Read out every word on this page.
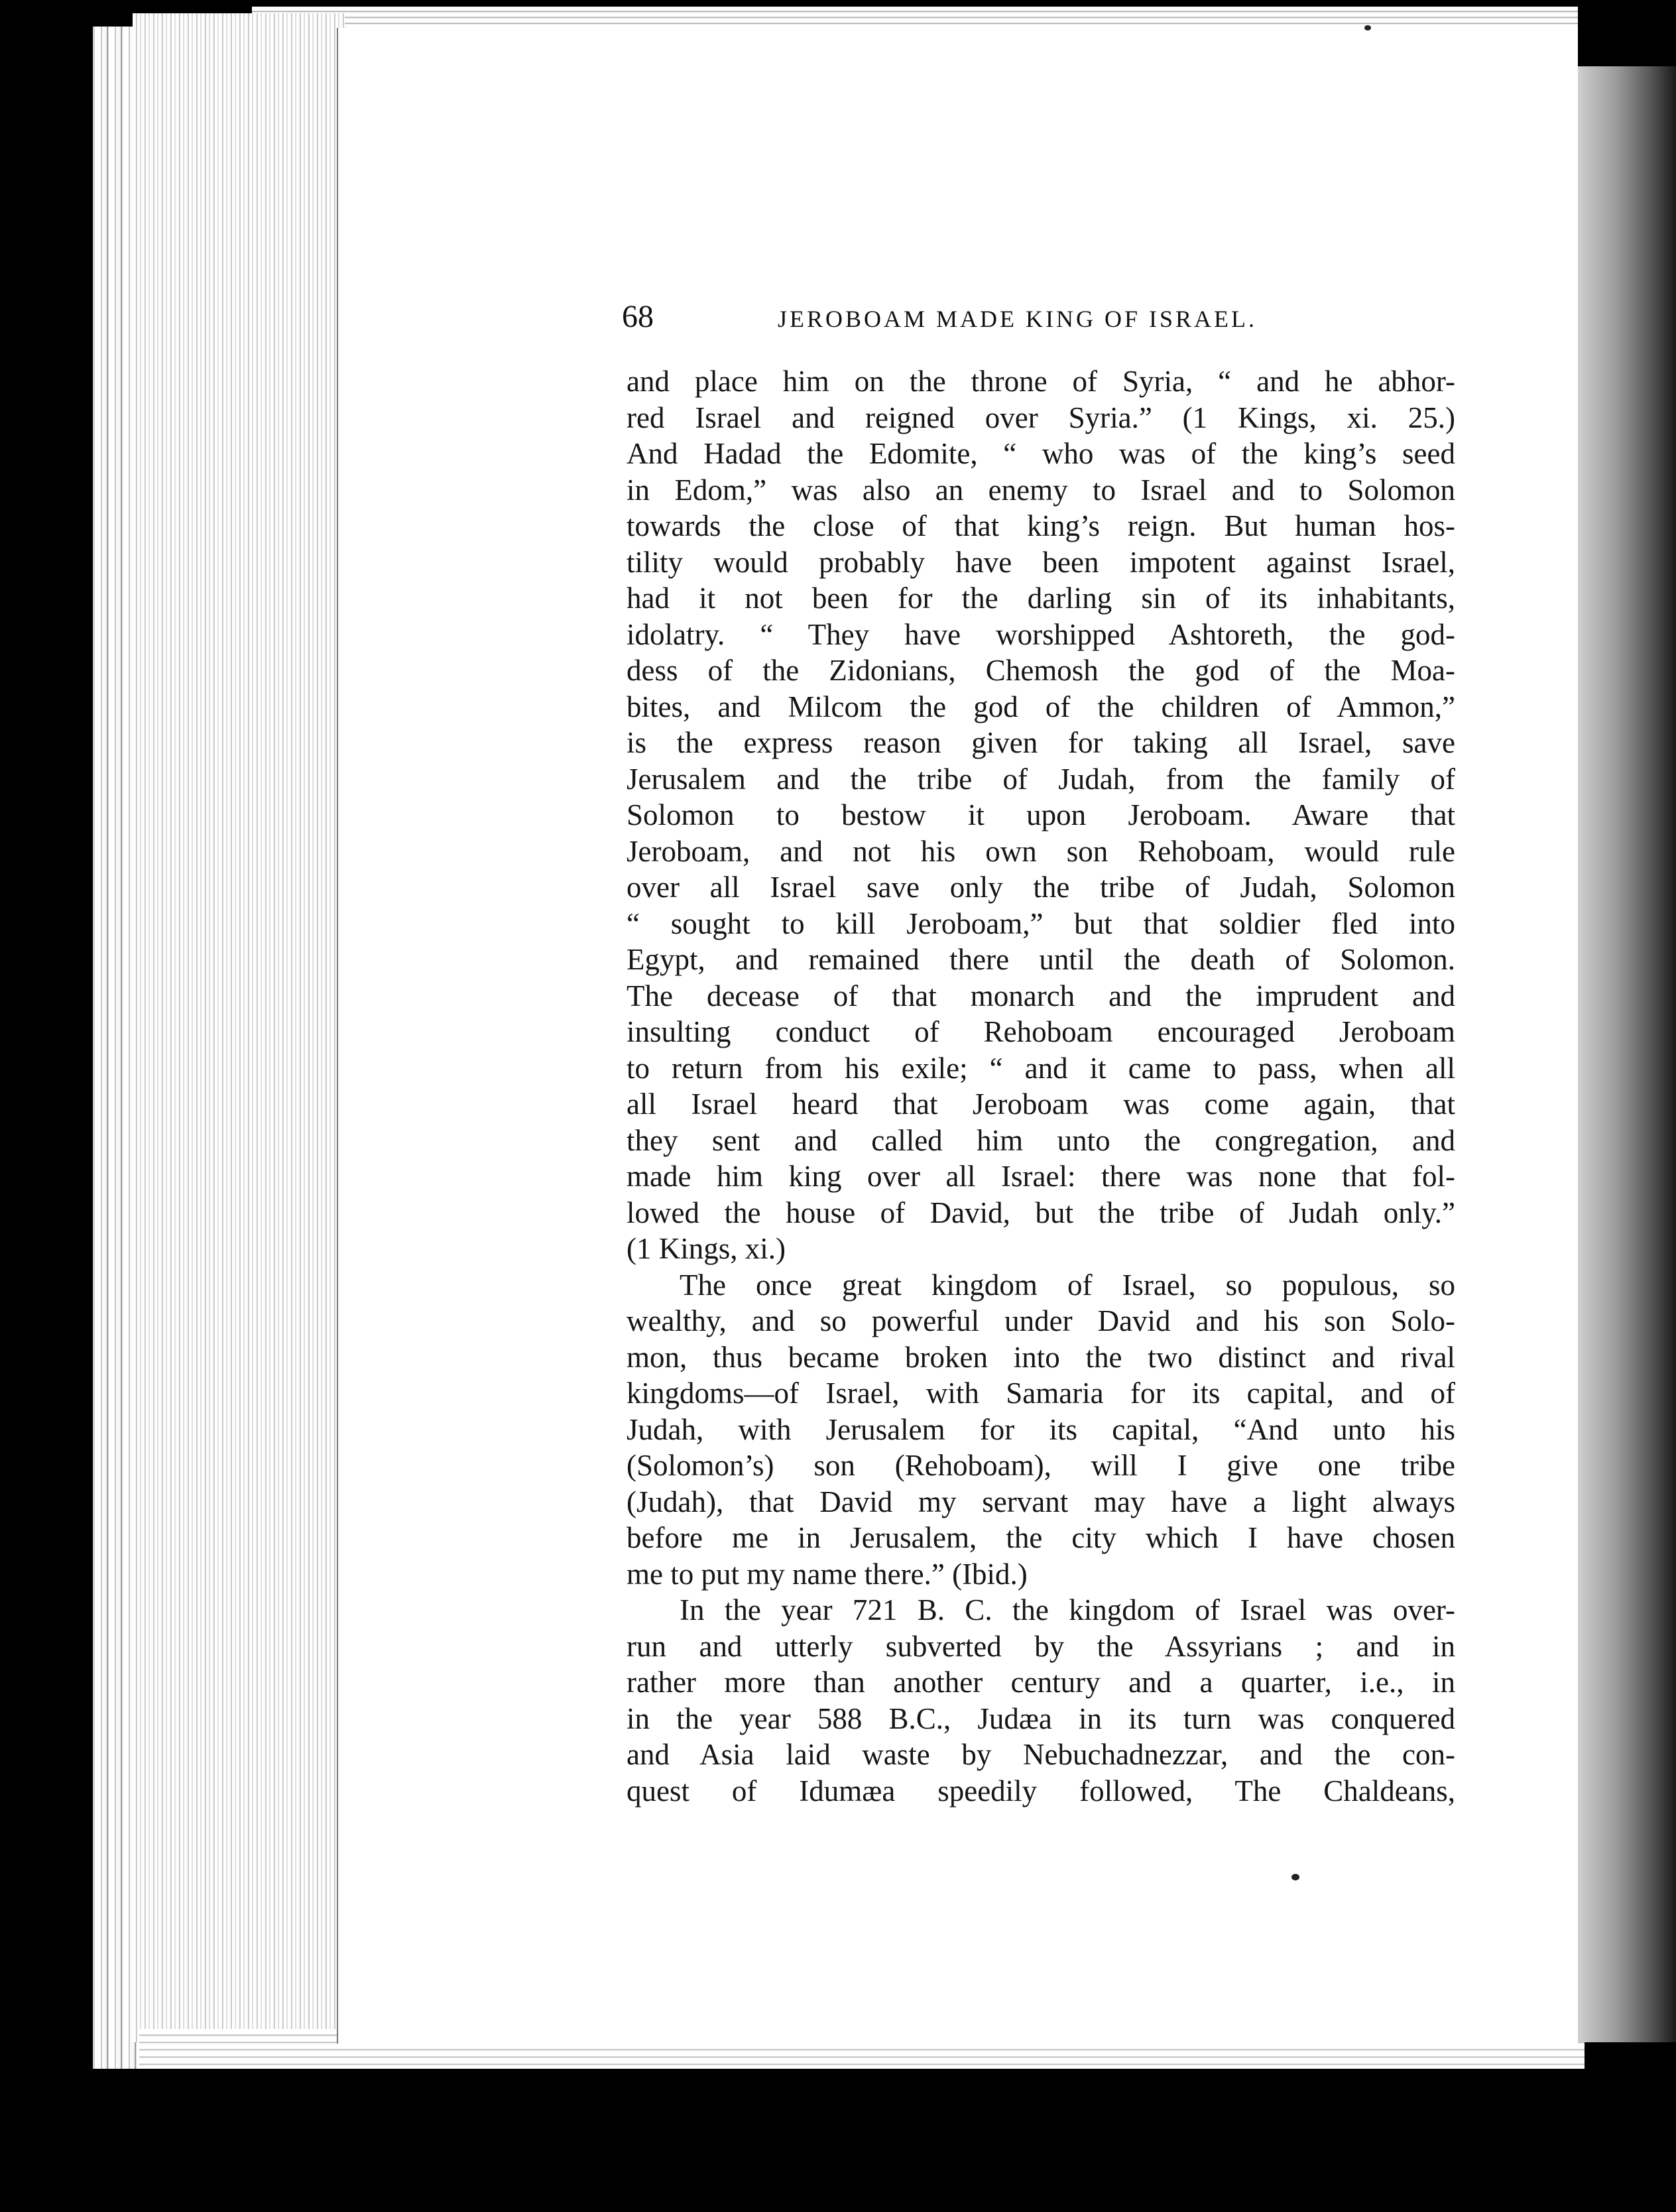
68	JEROBOAM MADE KING OF ISRAEL.
and place him on the throne of Syria, “ and he abhor-
red Israel and reigned over Syria.” (1 Kings, xi. 25.)
And Hadad the Edomite, “ who was of the king’s seed
in Edom,” was also an enemy to Israel and to Solomon
towards the close of that king’s reign. But human hos-
tility would probably have been impotent against Israel,
had it not been for the darling sin of its inhabitants,
idolatry. “ They have worshipped Ashtoreth, the god-
dess of the Zidonians, Chemosh the god of the Moa-
bites, and Milcom the god of the children of Ammon,”
is the express reason given for taking all Israel, save
Jerusalem and the tribe of Judah, from the family of
Solomon to bestow it upon Jeroboam. Aware that
Jeroboam, and not his own son Rehoboam, would rule
over all Israel save only the tribe of Judah, Solomon
“ sought to kill Jeroboam,” but that soldier fled into
Egypt, and remained there until the death of Solomon.
The decease of that monarch and the imprudent and
insulting conduct of Rehoboam encouraged Jeroboam
to return from his exile; “ and it came to pass, when all
all Israel heard that Jeroboam was come again, that
they sent and called him unto the congregation, and
made him king over all Israel: there was none that fol-
lowed the house of David, but the tribe of Judah only.”
(1 Kings, xi.)
The once great kingdom of Israel, so populous, so
wealthy, and so powerful under David and his son Solo-
mon, thus became broken into the two distinct and rival
kingdoms—of Israel, with Samaria for its capital, and of
Judah, with Jerusalem for its capital, “And unto his
(Solomon’s) son (Rehoboam), will I give one tribe
(Judah), that David my servant may have a light always
before me in Jerusalem, the city which I have chosen
me to put my name there.” (Ibid.)
In the year 721 B. C. the kingdom of Israel was over-
run and utterly subverted by the Assyrians ; and in
rather more than another century and a quarter, i.e., in
in the year 588 B.C., Judæa in its turn was conquered
and Asia laid waste by Nebuchadnezzar, and the con-
quest of Idumæa speedily followed, The Chaldeans,
